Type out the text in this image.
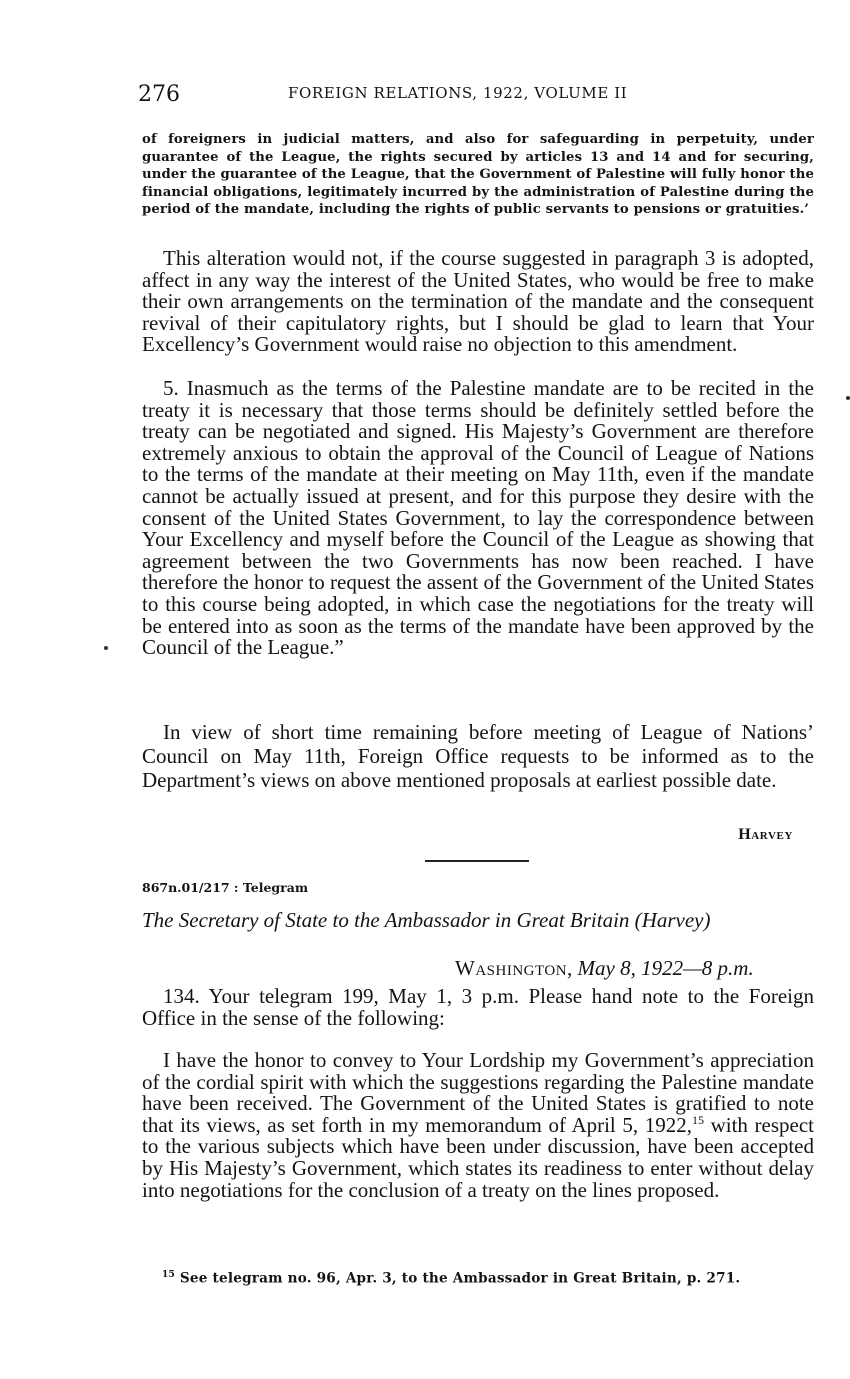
276	FOREIGN RELATIONS, 1922, VOLUME II

of foreigners in judicial matters, and also for safeguarding in perpetuity, under guarantee of the League, the rights secured by articles 13 and 14 and for securing, under the guarantee of the League, that the Government of Palestine will fully honor the financial obligations, legitimately incurred by the administration of Palestine during the period of the mandate, including the rights of public servants to pensions or gratuities.’

This alteration would not, if the course suggested in paragraph 3 is adopted, affect in any way the interest of the United States, who would be free to make their own arrangements on the termination of the mandate and the consequent revival of their capitulatory rights, but I should be glad to learn that Your Excellency’s Government would raise no objection to this amendment.

5. Inasmuch as the terms of the Palestine mandate are to be recited in the treaty it is necessary that those terms should be definitely settled before the treaty can be negotiated and signed. His Majesty’s Government are therefore extremely anxious to obtain the approval of the Council of League of Nations to the terms of the mandate at their meeting on May 11th, even if the mandate cannot be actually issued at present, and for this purpose they desire with the consent of the United States Government, to lay the correspondence between Your Excellency and myself before the Council of the League as showing that agreement between the two Governments has now been reached. I have therefore the honor to request the assent of the Government of the United States to this course being adopted, in which case the negotiations for the treaty will be entered into as soon as the terms of the mandate have been approved by the Council of the League.”

In view of short time remaining before meeting of League of Nations’ Council on May 11th, Foreign Office requests to be informed as to the Department’s views on above mentioned proposals at earliest possible date.

Harvey
867n.01/217 : Telegram
The Secretary of State to the Ambassador in Great Britain (Harvey)
Washington, May 8, 1922—8 p.m.

134. Your telegram 199, May 1, 3 p.m. Please hand note to the Foreign Office in the sense of the following:

I have the honor to convey to Your Lordship my Government’s appreciation of the cordial spirit with which the suggestions regarding the Palestine mandate have been received. The Government of the United States is gratified to note that its views, as set forth in my memorandum of April 5, 1922,15 with respect to the various subjects which have been under discussion, have been accepted by His Majesty’s Government, which states its readiness to enter without delay into negotiations for the conclusion of a treaty on the lines proposed.

$^{15}$ See telegram no. 96, Apr. 3, to the Ambassador in Great Britain, p. 271.
